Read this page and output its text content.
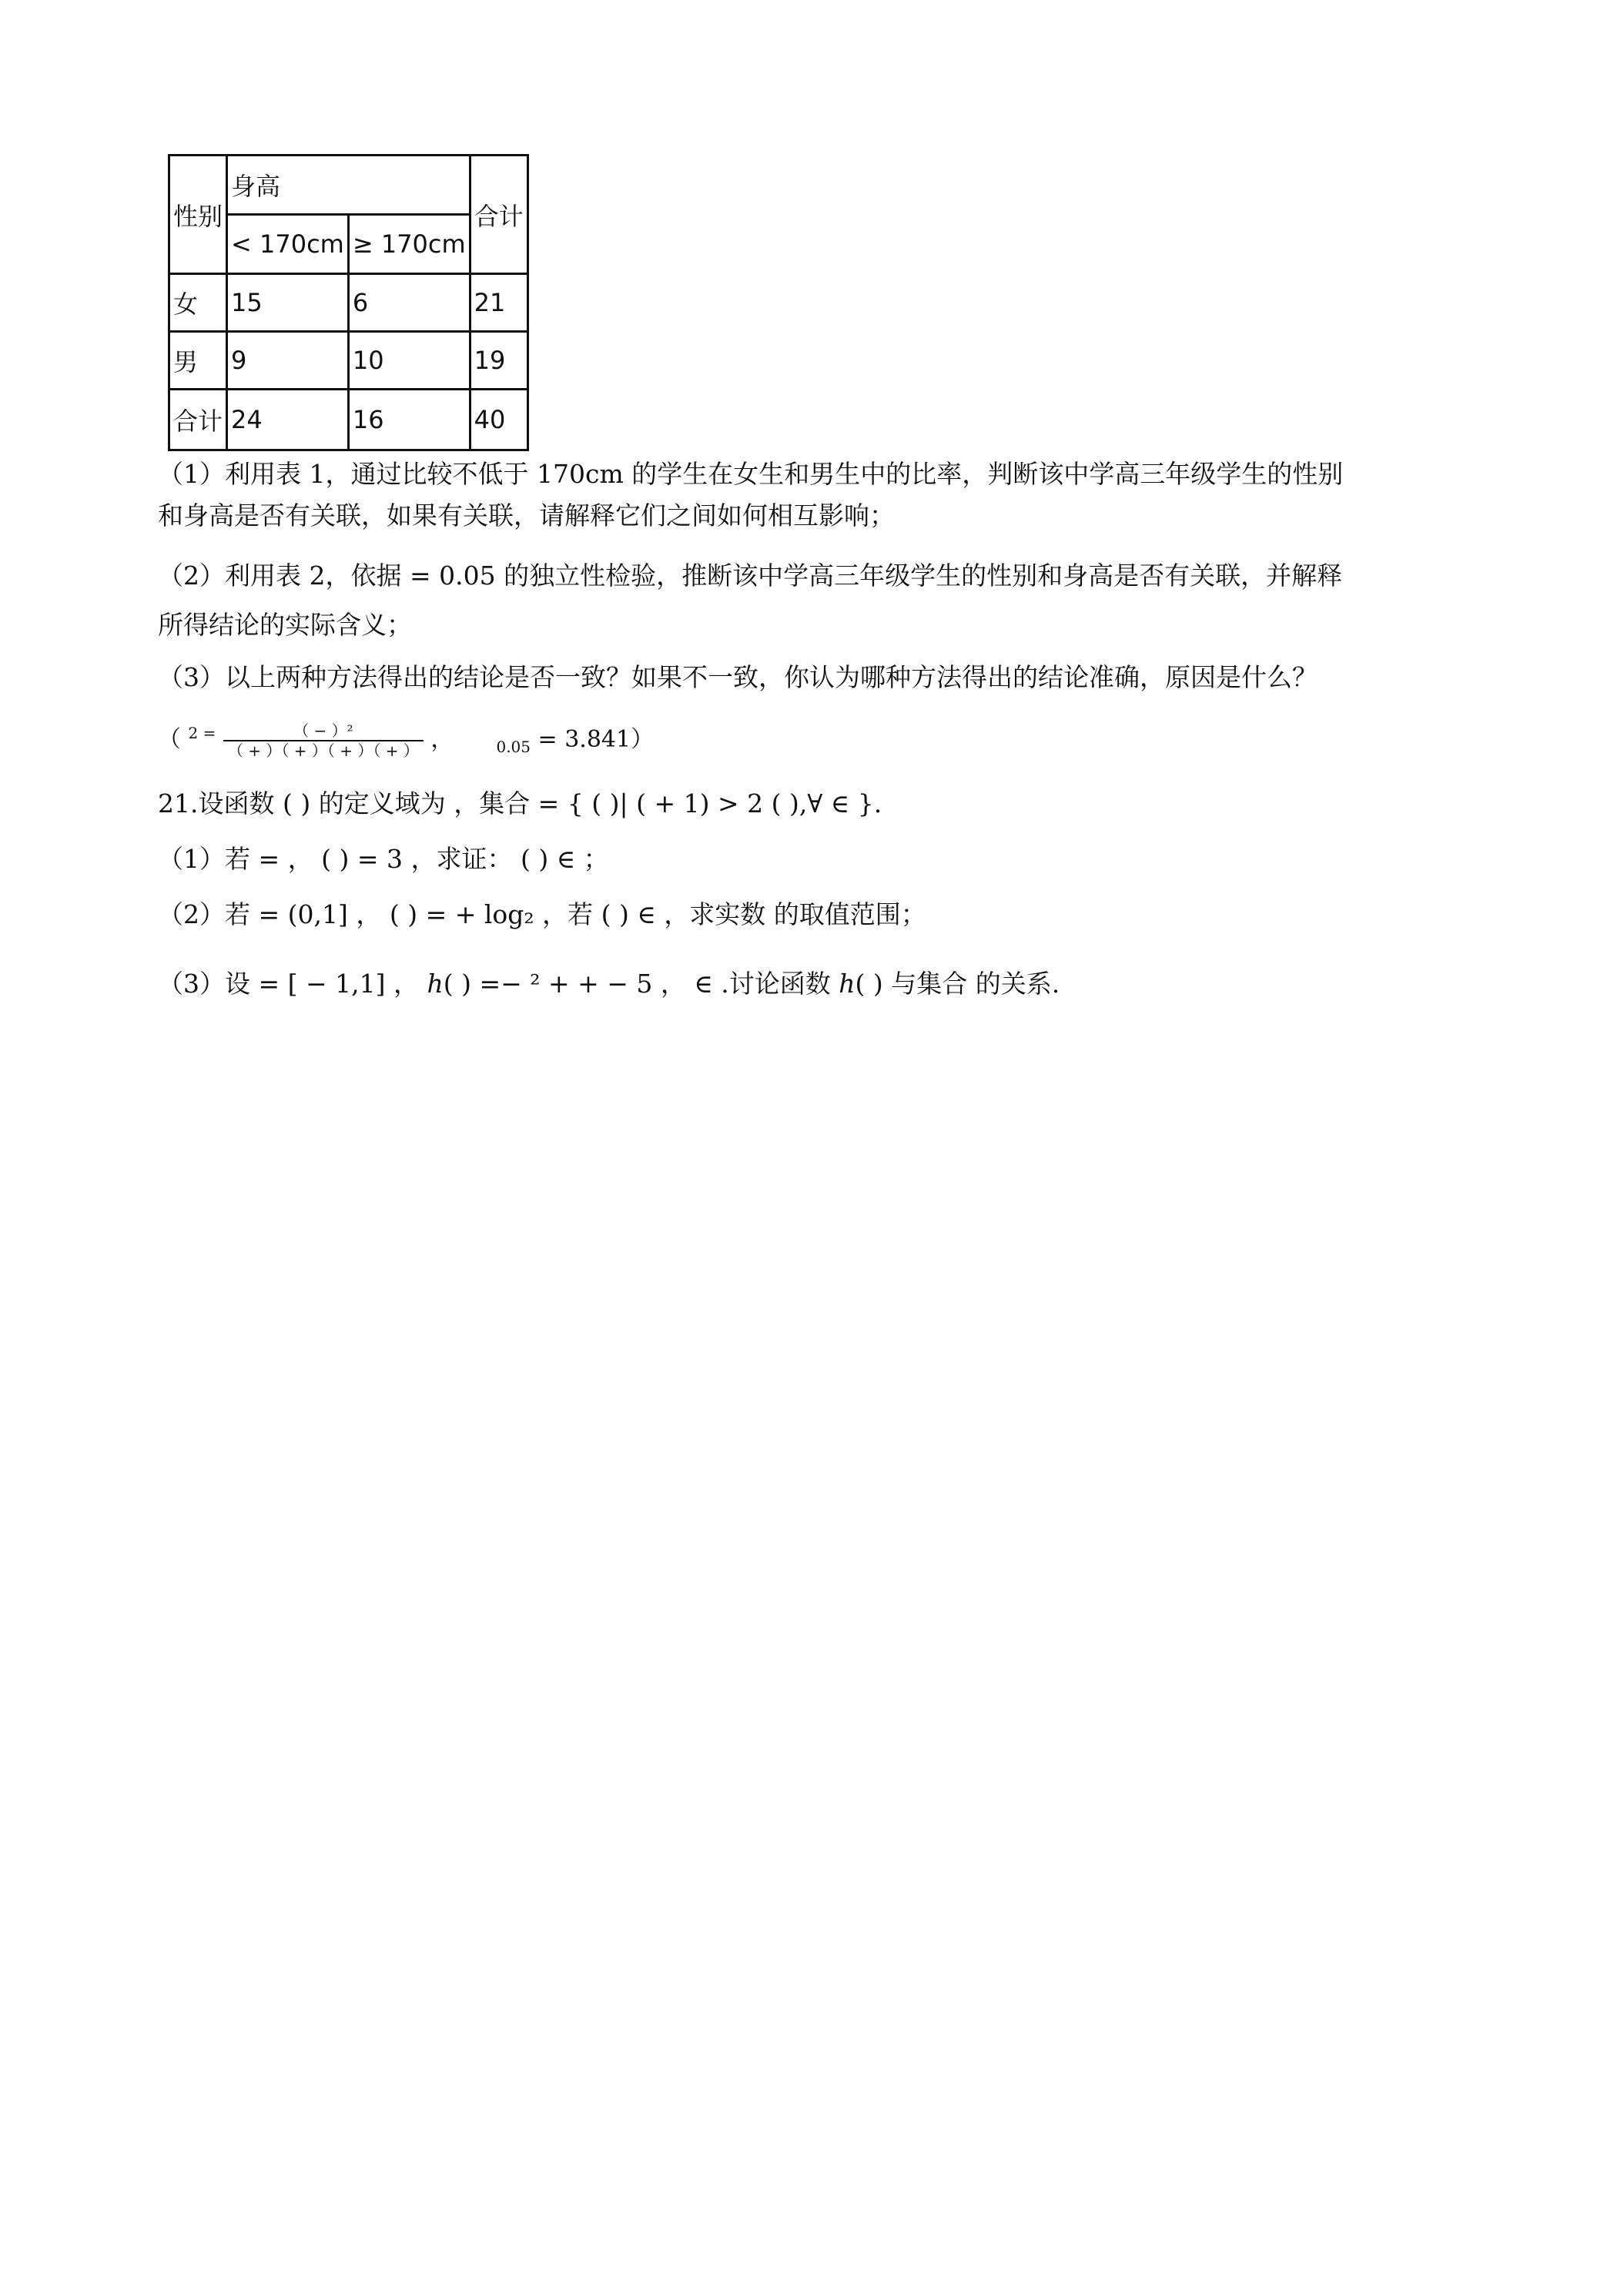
性别	身高		合计
	< 170cm	≥ 170cm	
女	15	6	21
男	9	10	19
合计	24	16	40
（1）利用表 1，通过比较不低于 170cm 的学生在女生和男生中的比率，判断该中学高三年级学生的性别
和身高是否有关联，如果有关联，请解释它们之间如何相互影响；
（2）利用表 2，依据 = 0.05 的独立性检验，推断该中学高三年级学生的性别和身高是否有关联，并解释
所得结论的实际含义；
（3）以上两种方法得出的结论是否一致？如果不一致，你认为哪种方法得出的结论准确，原因是什么？
（ $^{2 =} \frac{\text{（ − ）²}}{( + )( + )( + )( + )}$ ，	$_{0.05}$ = 3.841）
21.设函数 ( ) 的定义域为 ，集合 = { ( )| ( + 1) > 2 ( ),∀ ∈ }.
（1）若 = ， ( ) = 3 ，求证： ( ) ∈ ；
（2）若 = (0,1] ， ( ) = + log₂ ，若 ( ) ∈ ，求实数 的取值范围；
（3）设 = [ − 1,1] ， ℎ( ) =− ² + + − 5 ， ∈ .讨论函数 ℎ( ) 与集合 的关系.
